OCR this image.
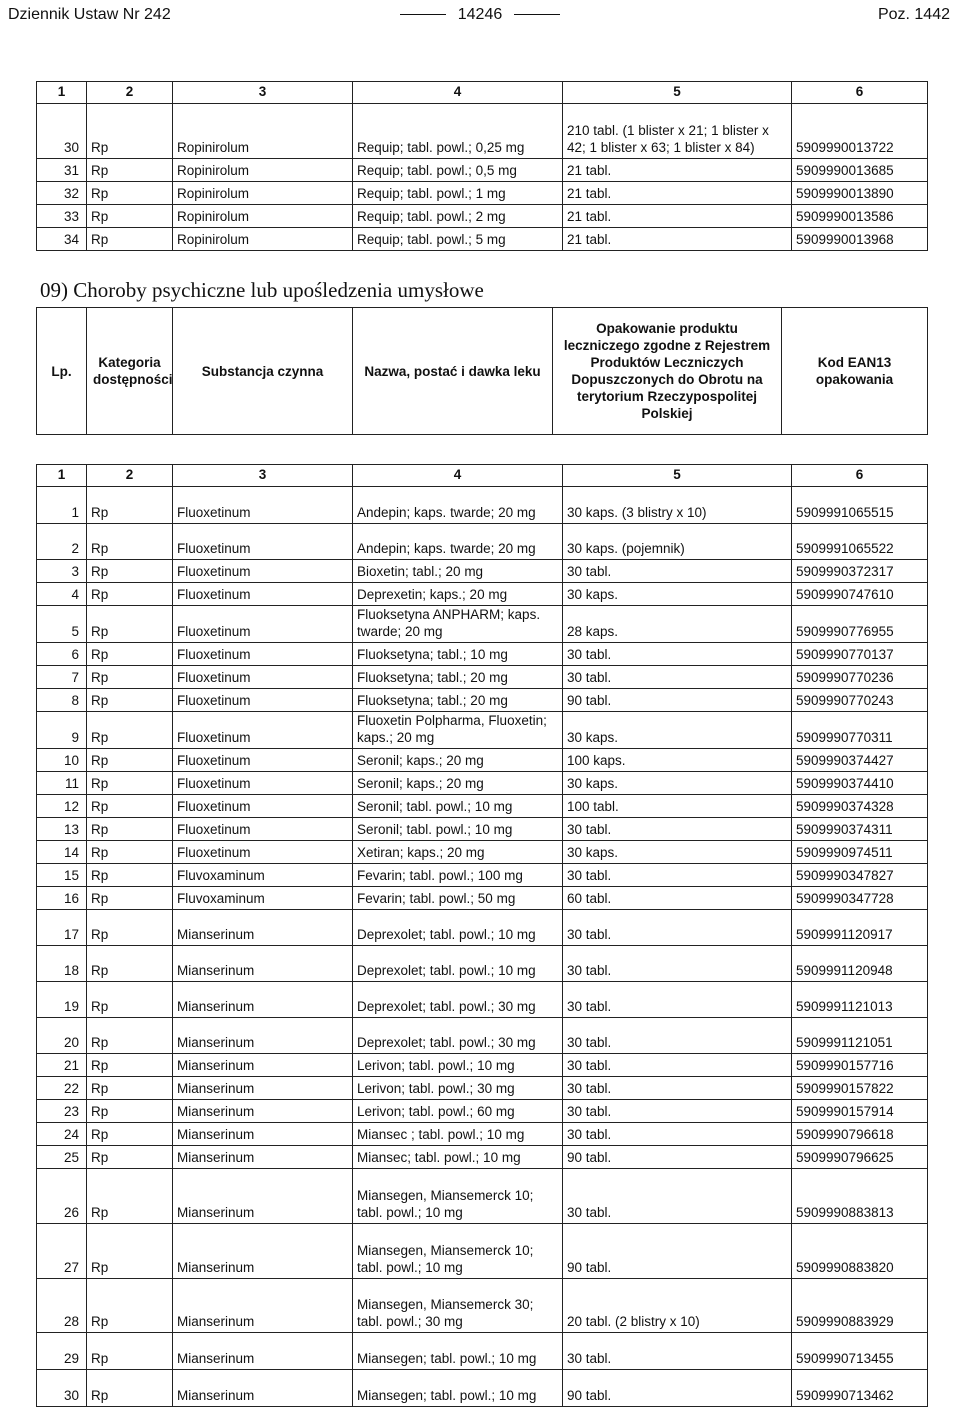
Dziennik Ustaw Nr 242	14246	Poz. 1442
1	2	3	4	5	6
30	Rp	Ropinirolum	Requip; tabl. powl.; 0,25 mg	210 tabl. (1 blister x 21; 1 blister x 42; 1 blister x 63; 1 blister x 84)	5909990013722
31	Rp	Ropinirolum	Requip; tabl. powl.; 0,5 mg	21 tabl.	5909990013685
32	Rp	Ropinirolum	Requip; tabl. powl.; 1 mg	21 tabl.	5909990013890
33	Rp	Ropinirolum	Requip; tabl. powl.; 2 mg	21 tabl.	5909990013586
34	Rp	Ropinirolum	Requip; tabl. powl.; 5 mg	21 tabl.	5909990013968
09) Choroby psychiczne lub upośledzenia umysłowe
Lp.	Kategoria dostępności	Substancja czynna	Nazwa, postać i dawka leku	Opakowanie produktu leczniczego zgodne z Rejestrem Produktów Leczniczych Dopuszczonych do Obrotu na terytorium Rzeczypospolitej Polskiej	Kod EAN13 opakowania
1	2	3	4	5	6
1	Rp	Fluoxetinum	Andepin; kaps. twarde; 20 mg	30 kaps. (3 blistry x 10)	5909991065515
2	Rp	Fluoxetinum	Andepin; kaps. twarde; 20 mg	30 kaps. (pojemnik)	5909991065522
3	Rp	Fluoxetinum	Bioxetin; tabl.; 20 mg	30 tabl.	5909990372317
4	Rp	Fluoxetinum	Deprexetin; kaps.; 20 mg	30 kaps.	5909990747610
5	Rp	Fluoxetinum	Fluoksetyna ANPHARM; kaps. twarde; 20 mg	28 kaps.	5909990776955
6	Rp	Fluoxetinum	Fluoksetyna; tabl.; 10 mg	30 tabl.	5909990770137
7	Rp	Fluoxetinum	Fluoksetyna; tabl.; 20 mg	30 tabl.	5909990770236
8	Rp	Fluoxetinum	Fluoksetyna; tabl.; 20 mg	90 tabl.	5909990770243
9	Rp	Fluoxetinum	Fluoxetin Polpharma, Fluoxetin; kaps.; 20 mg	30 kaps.	5909990770311
10	Rp	Fluoxetinum	Seronil; kaps.; 20 mg	100 kaps.	5909990374427
11	Rp	Fluoxetinum	Seronil; kaps.; 20 mg	30 kaps.	5909990374410
12	Rp	Fluoxetinum	Seronil; tabl. powl.; 10 mg	100 tabl.	5909990374328
13	Rp	Fluoxetinum	Seronil; tabl. powl.; 10 mg	30 tabl.	5909990374311
14	Rp	Fluoxetinum	Xetiran; kaps.; 20 mg	30 kaps.	5909990974511
15	Rp	Fluvoxaminum	Fevarin; tabl. powl.; 100 mg	30 tabl.	5909990347827
16	Rp	Fluvoxaminum	Fevarin; tabl. powl.; 50 mg	60 tabl.	5909990347728
17	Rp	Mianserinum	Deprexolet; tabl. powl.; 10 mg	30 tabl.	5909991120917
18	Rp	Mianserinum	Deprexolet; tabl. powl.; 10 mg	30 tabl.	5909991120948
19	Rp	Mianserinum	Deprexolet; tabl. powl.; 30 mg	30 tabl.	5909991121013
20	Rp	Mianserinum	Deprexolet; tabl. powl.; 30 mg	30 tabl.	5909991121051
21	Rp	Mianserinum	Lerivon; tabl. powl.; 10 mg	30 tabl.	5909990157716
22	Rp	Mianserinum	Lerivon; tabl. powl.; 30 mg	30 tabl.	5909990157822
23	Rp	Mianserinum	Lerivon; tabl. powl.; 60 mg	30 tabl.	5909990157914
24	Rp	Mianserinum	Miansec ; tabl. powl.; 10 mg	30 tabl.	5909990796618
25	Rp	Mianserinum	Miansec; tabl. powl.; 10 mg	90 tabl.	5909990796625
26	Rp	Mianserinum	Miansegen, Miansemerck 10; tabl. powl.; 10 mg	30 tabl.	5909990883813
27	Rp	Mianserinum	Miansegen, Miansemerck 10; tabl. powl.; 10 mg	90 tabl.	5909990883820
28	Rp	Mianserinum	Miansegen, Miansemerck 30; tabl. powl.; 30 mg	20 tabl. (2 blistry x 10)	5909990883929
29	Rp	Mianserinum	Miansegen; tabl. powl.; 10 mg	30 tabl.	5909990713455
30	Rp	Mianserinum	Miansegen; tabl. powl.; 10 mg	90 tabl.	5909990713462
